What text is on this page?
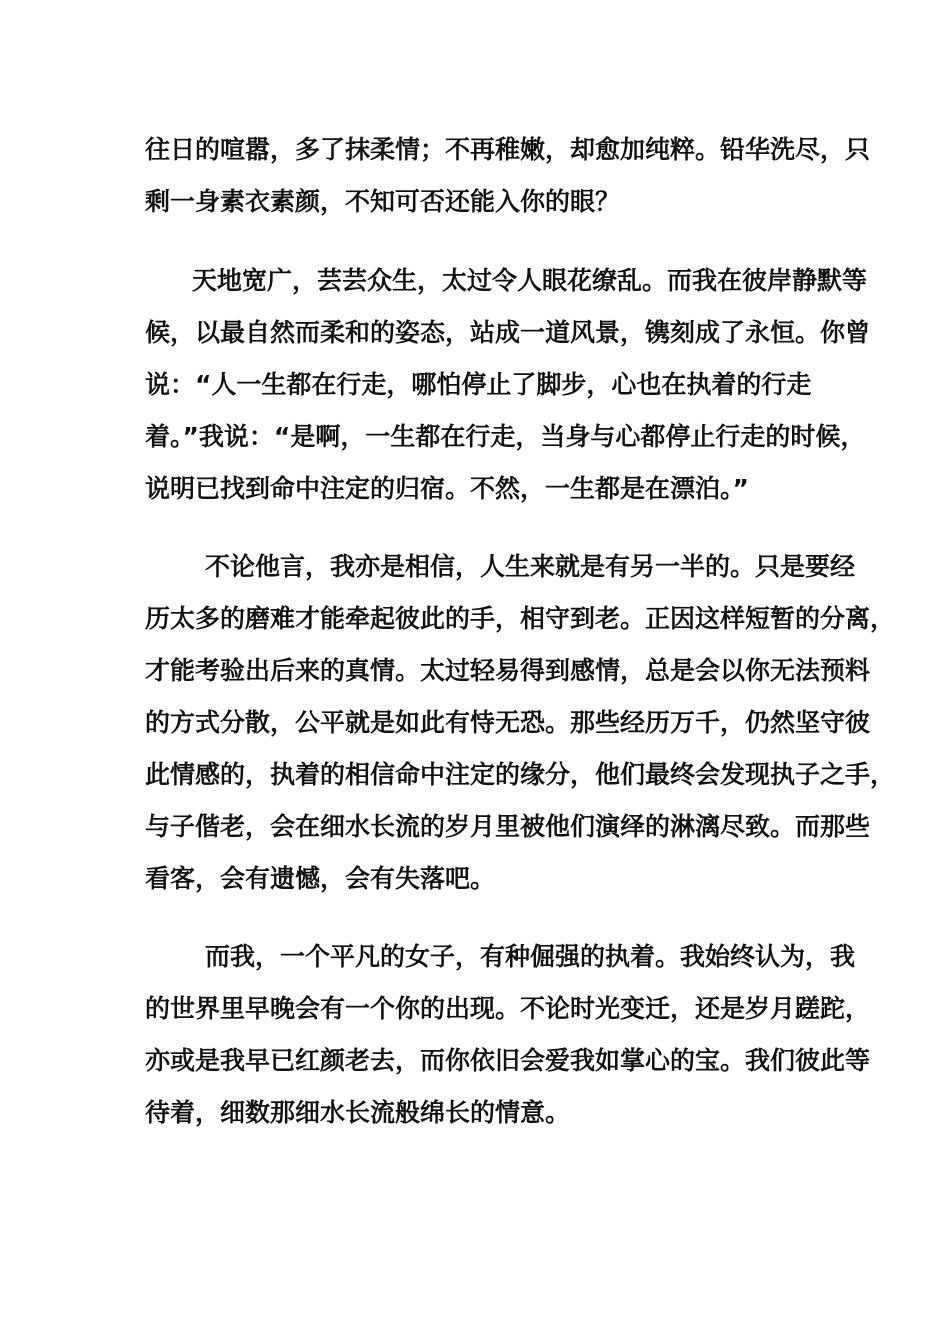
往日的喧嚣，多了抹柔情；不再稚嫩，却愈加纯粹。铅华洗尽，只
剩一身素衣素颜，不知可否还能入你的眼？
天地宽广，芸芸众生，太过令人眼花缭乱。而我在彼岸静默等
候，以最自然而柔和的姿态，站成一道风景，镌刻成了永恒。你曾
说：“人一生都在行走，哪怕停止了脚步，心也在执着的行走
着。”我说：“是啊，一生都在行走，当身与心都停止行走的时候，
说明已找到命中注定的归宿。不然，一生都是在漂泊。”
不论他言，我亦是相信，人生来就是有另一半的。只是要经
历太多的磨难才能牵起彼此的手，相守到老。正因这样短暂的分离，
才能考验出后来的真情。太过轻易得到感情，总是会以你无法预料
的方式分散，公平就是如此有恃无恐。那些经历万千，仍然坚守彼
此情感的，执着的相信命中注定的缘分，他们最终会发现执子之手，
与子偕老，会在细水长流的岁月里被他们演绎的淋漓尽致。而那些
看客，会有遗憾，会有失落吧。
而我，一个平凡的女子，有种倔强的执着。我始终认为，我
的世界里早晚会有一个你的出现。不论时光变迁，还是岁月蹉跎，
亦或是我早已红颜老去，而你依旧会爱我如掌心的宝。我们彼此等
待着，细数那细水长流般绵长的情意。
